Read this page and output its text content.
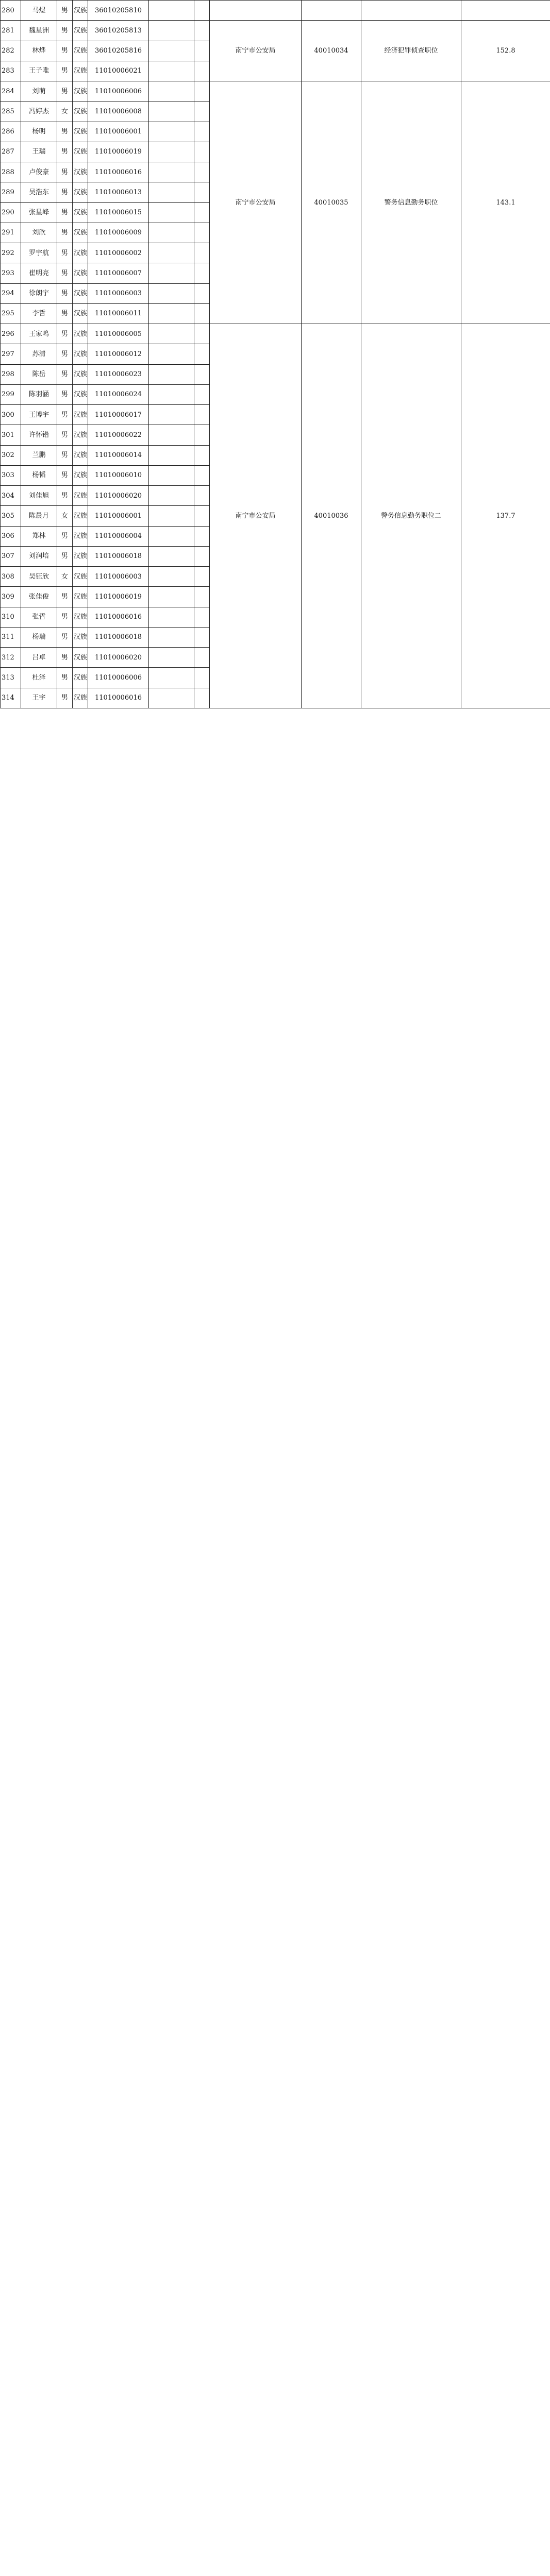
280	马煜	男	汉族	36010205810						
281	魏星洲	男	汉族	36010205813			南宁市公安局	40010034	经济犯罪侦查职位	152.8
282	林烨	男	汉族	36010205816						
283	王子唯	男	汉族	11010006021						
284	刘萌	男	汉族	11010006006			南宁市公安局	40010035	警务信息勤务职位	143.1
285	冯婷杰	女	汉族	11010006008						
286	杨明	男	汉族	11010006001						
287	王瑞	男	汉族	11010006019						
288	卢俊豪	男	汉族	11010006016						
289	吴浩东	男	汉族	11010006013						
290	张星峰	男	汉族	11010006015						
291	刘欣	男	汉族	11010006009						
292	罗宇航	男	汉族	11010006002						
293	崔明亮	男	汉族	11010006007						
294	徐朗宇	男	汉族	11010006003						
295	李哲	男	汉族	11010006011						
296	王家鸣	男	汉族	11010006005			南宁市公安局	40010036	警务信息勤务职位二	137.7
297	苏清	男	汉族	11010006012						
298	陈岳	男	汉族	11010006023						
299	陈羽涵	男	汉族	11010006024						
300	王博宇	男	汉族	11010006017						
301	许怀锴	男	汉族	11010006022						
302	兰鹏	男	汉族	11010006014						
303	杨韬	男	汉族	11010006010						
304	刘佳旭	男	汉族	11010006020						
305	陈晨月	女	汉族	11010006001						
306	郑林	男	汉族	11010006004						
307	刘润培	男	汉族	11010006018						
308	吴钰欣	女	汉族	11010006003						
309	张佳俊	男	汉族	11010006019						
310	张哲	男	汉族	11010006016						
311	杨瑞	男	汉族	11010006018						
312	吕卓	男	汉族	11010006020						
313	杜泽	男	汉族	11010006006						
314	王宇	男	汉族	11010006016						
